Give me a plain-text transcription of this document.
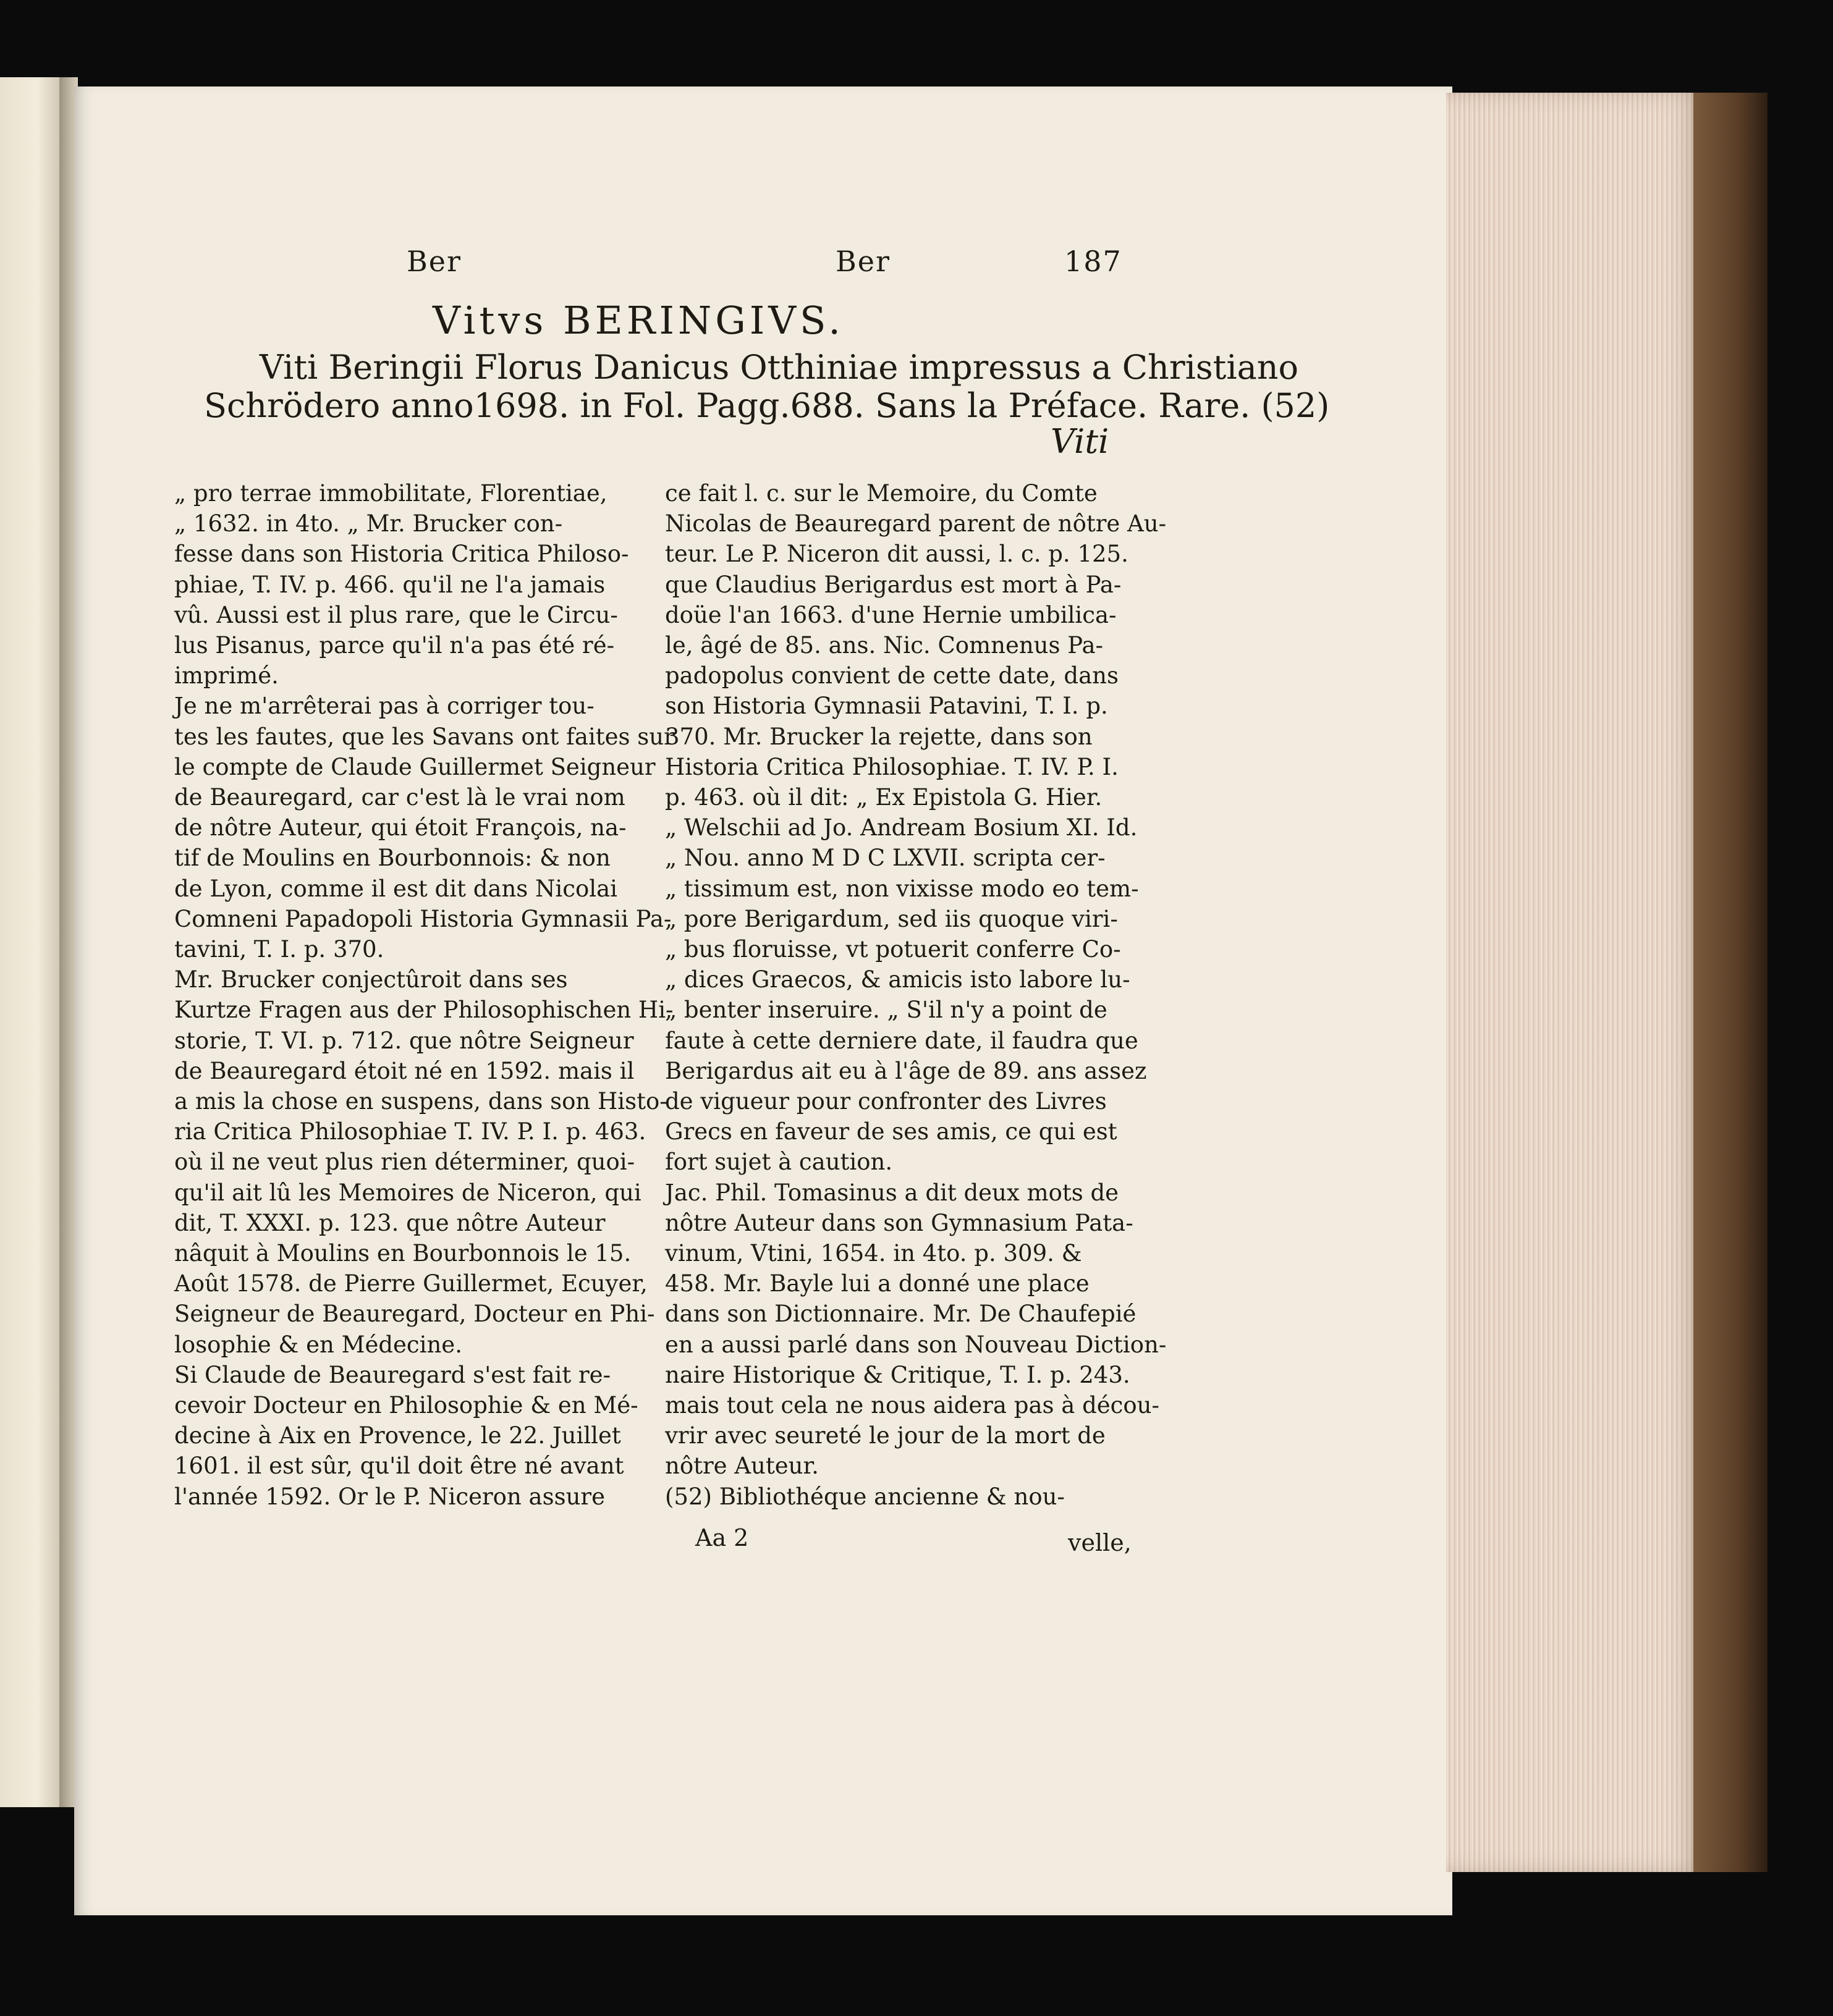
Ber	Ber	187
Vitvs BERINGIVS.
Viti Beringii Florus Danicus Otthiniae impressus a Christiano
Schrödero anno1698. in Fol. Pagg.688. Sans la Préface. Rare. (52)
Viti
„ pro terrae immobilitate, Florentiae,
„ 1632. in 4to. „ Mr. Brucker con-
fesse dans son Historia Critica Philoso-
phiae, T. IV. p. 466. qu'il ne l'a jamais
vû. Aussi est il plus rare, que le Circu-
lus Pisanus, parce qu'il n'a pas été ré-
imprimé.
Je ne m'arrêterai pas à corriger tou-
tes les fautes, que les Savans ont faites sur
le compte de Claude Guillermet Seigneur
de Beauregard, car c'est là le vrai nom
de nôtre Auteur, qui étoit François, na-
tif de Moulins en Bourbonnois: & non
de Lyon, comme il est dit dans Nicolai
Comneni Papadopoli Historia Gymnasii Pa-
tavini, T. I. p. 370.
Mr. Brucker conjectûroit dans ses
Kurtze Fragen aus der Philosophischen Hi-
storie, T. VI. p. 712. que nôtre Seigneur
de Beauregard étoit né en 1592. mais il
a mis la chose en suspens, dans son Histo-
ria Critica Philosophiae T. IV. P. I. p. 463.
où il ne veut plus rien déterminer, quoi-
qu'il ait lû les Memoires de Niceron, qui
dit, T. XXXI. p. 123. que nôtre Auteur
nâquit à Moulins en Bourbonnois le 15.
Août 1578. de Pierre Guillermet, Ecuyer,
Seigneur de Beauregard, Docteur en Phi-
losophie & en Médecine.
Si Claude de Beauregard s'est fait re-
cevoir Docteur en Philosophie & en Mé-
decine à Aix en Provence, le 22. Juillet
1601. il est sûr, qu'il doit être né avant
l'année 1592. Or le P. Niceron assure
ce fait l. c. sur le Memoire, du Comte
Nicolas de Beauregard parent de nôtre Au-
teur. Le P. Niceron dit aussi, l. c. p. 125.
que Claudius Berigardus est mort à Pa-
doüe l'an 1663. d'une Hernie umbilica-
le, âgé de 85. ans. Nic. Comnenus Pa-
padopolus convient de cette date, dans
son Historia Gymnasii Patavini, T. I. p.
370. Mr. Brucker la rejette, dans son
Historia Critica Philosophiae. T. IV. P. I.
p. 463. où il dit: „ Ex Epistola G. Hier.
„ Welschii ad Jo. Andream Bosium XI. Id.
„ Nou. anno M D C LXVII. scripta cer-
„ tissimum est, non vixisse modo eo tem-
„ pore Berigardum, sed iis quoque viri-
„ bus floruisse, vt potuerit conferre Co-
„ dices Graecos, & amicis isto labore lu-
„ benter inseruire. „ S'il n'y a point de
faute à cette derniere date, il faudra que
Berigardus ait eu à l'âge de 89. ans assez
de vigueur pour confronter des Livres
Grecs en faveur de ses amis, ce qui est
fort sujet à caution.
Jac. Phil. Tomasinus a dit deux mots de
nôtre Auteur dans son Gymnasium Pata-
vinum, Vtini, 1654. in 4to. p. 309. &
458. Mr. Bayle lui a donné une place
dans son Dictionnaire. Mr. De Chaufepié
en a aussi parlé dans son Nouveau Diction-
naire Historique & Critique, T. I. p. 243.
mais tout cela ne nous aidera pas à décou-
vrir avec seureté le jour de la mort de
nôtre Auteur.
(52) Bibliothéque ancienne & nou-
Aa 2	velle,
